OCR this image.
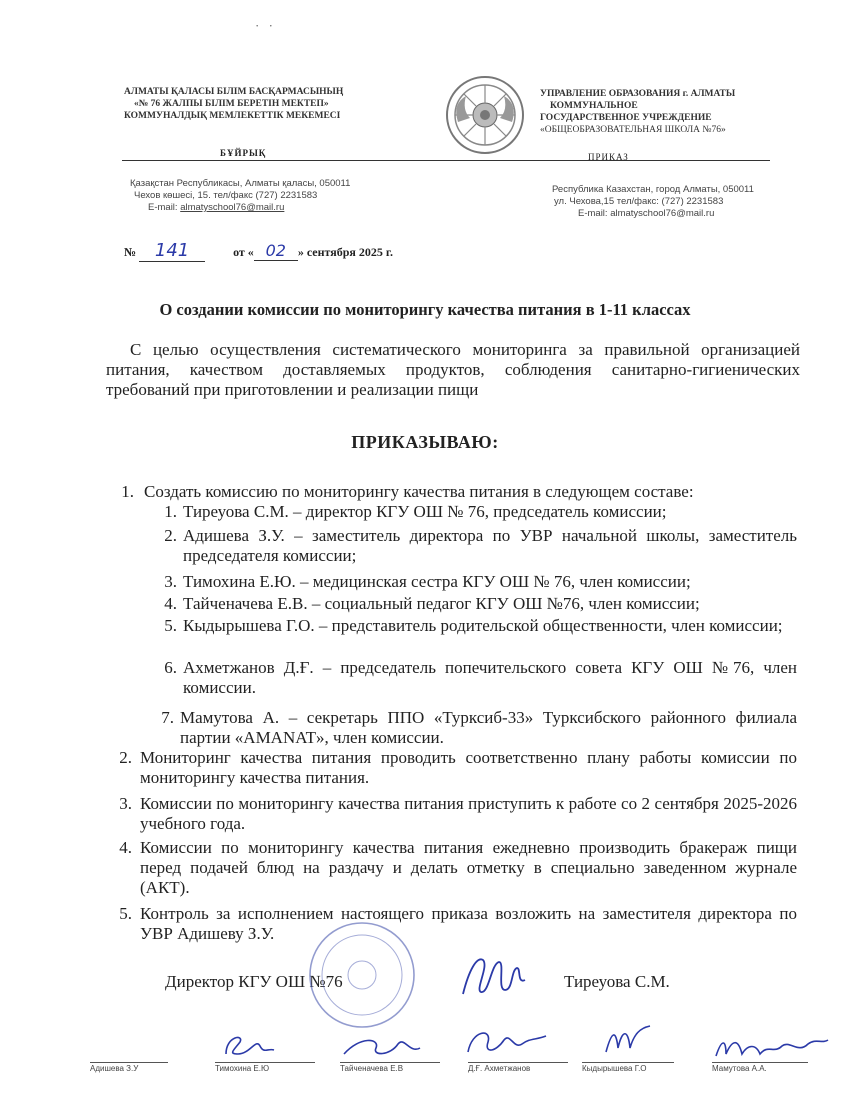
· ·
АЛМАТЫ ҚАЛАСЫ БІЛІМ БАСҚАРМАСЫНЫҢ
«№ 76 ЖАЛПЫ БІЛІМ БЕРЕТІН МЕКТЕП»
КОММУНАЛДЫҚ МЕМЛЕКЕТТІК МЕКЕМЕСІ
УПРАВЛЕНИЕ ОБРАЗОВАНИЯ г. АЛМАТЫ
КОММУНАЛЬНОЕ
ГОСУДАРСТВЕННОЕ УЧРЕЖДЕНИЕ
«ОБЩЕОБРАЗОВАТЕЛЬНАЯ ШКОЛА №76»
БҰЙРЫҚ	ПРИКАЗ
Қазақстан Республикасы, Алматы қаласы, 050011
Чехов көшесі, 15. тел/факс (727) 2231583
E-mail: almatyschool76@mail.ru
Республика Казахстан, город Алматы, 050011
ул. Чехова,15 тел/факс: (727) 2231583
E-mail: almatyschool76@mail.ru
№ 141	от « 02 » сентября 2025 г.
О создании комиссии по мониторингу качества питания в 1-11 классах
С целью осуществления систематического мониторинга за правильной организацией питания, качеством доставляемых продуктов, соблюдения санитарно-гигиенических требований при приготовлении и реализации пищи
ПРИКАЗЫВАЮ:
1. Создать комиссию по мониторингу качества питания в следующем составе:
1. Тиреуова С.М. – директор КГУ ОШ № 76, председатель комиссии;
2. Адишева З.У. – заместитель директора по УВР начальной школы, заместитель председателя комиссии;
3. Тимохина Е.Ю. – медицинская сестра КГУ ОШ № 76, член комиссии;
4. Тайченачева Е.В. – социальный педагог КГУ ОШ №76, член комиссии;
5. Кыдырышева Г.О. – представитель родительской общественности, член комиссии;
6. Ахметжанов Д.Ғ. – председатель попечительского совета КГУ ОШ №76, член комиссии.
7. Мамутова А. – секретарь ППО «Турксиб-33» Турксибского районного филиала партии «AMANAT», член комиссии.
2. Мониторинг качества питания проводить соответственно плану работы комиссии по мониторингу качества питания.
3. Комиссии по мониторингу качества питания приступить к работе со 2 сентября 2025-2026 учебного года.
4. Комиссии по мониторингу качества питания ежедневно производить бракераж пищи перед подачей блюд на раздачу и делать отметку в специально заведенном журнале (АКТ).
5. Контроль за исполнением настоящего приказа возложить на заместителя директора по УВР Адишеву З.У.
Директор КГУ ОШ №76	Тиреуова С.М.
Адишева З.У	Тимохина Е.Ю	Тайченачева Е.В	Д.Ғ. Ахметжанов	Кыдырышева Г.О	Мамутова А.А.
